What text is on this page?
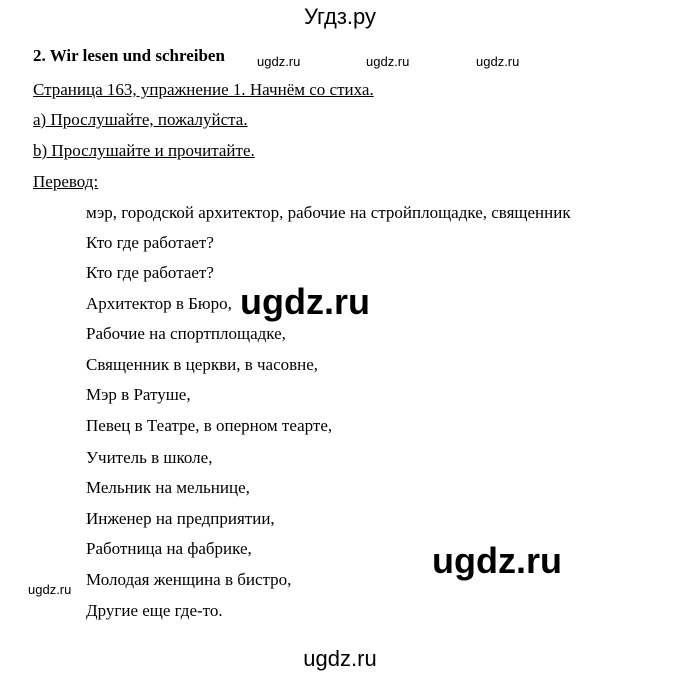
Угдз.ру
2. Wir lesen und schreiben ugdz.ru	ugdz.ru	ugdz.ru
Страница 163, упражнение 1. Начнём со стиха.
а) Прослушайте, пожалуйста.
b) Прослушайте и прочитайте.
Перевод:
мэр, городской архитектор, рабочие на стройплощадке, священник
Кто где работает?
Кто где работает?
Архитектор в Бюро,
Рабочие на спортплощадке,
Священник в церкви, в часовне,
Мэр в Ратуше,
Певец в Театре, в оперном теарте,
Учитель в школе,
Мельник на мельнице,
Инженер на предприятии,
Работница на фабрике,
Молодая женщина в бистро,
Другие еще где-то.
ugdz.ru
ugdz.ru
ugdz.ru
ugdz.ru
